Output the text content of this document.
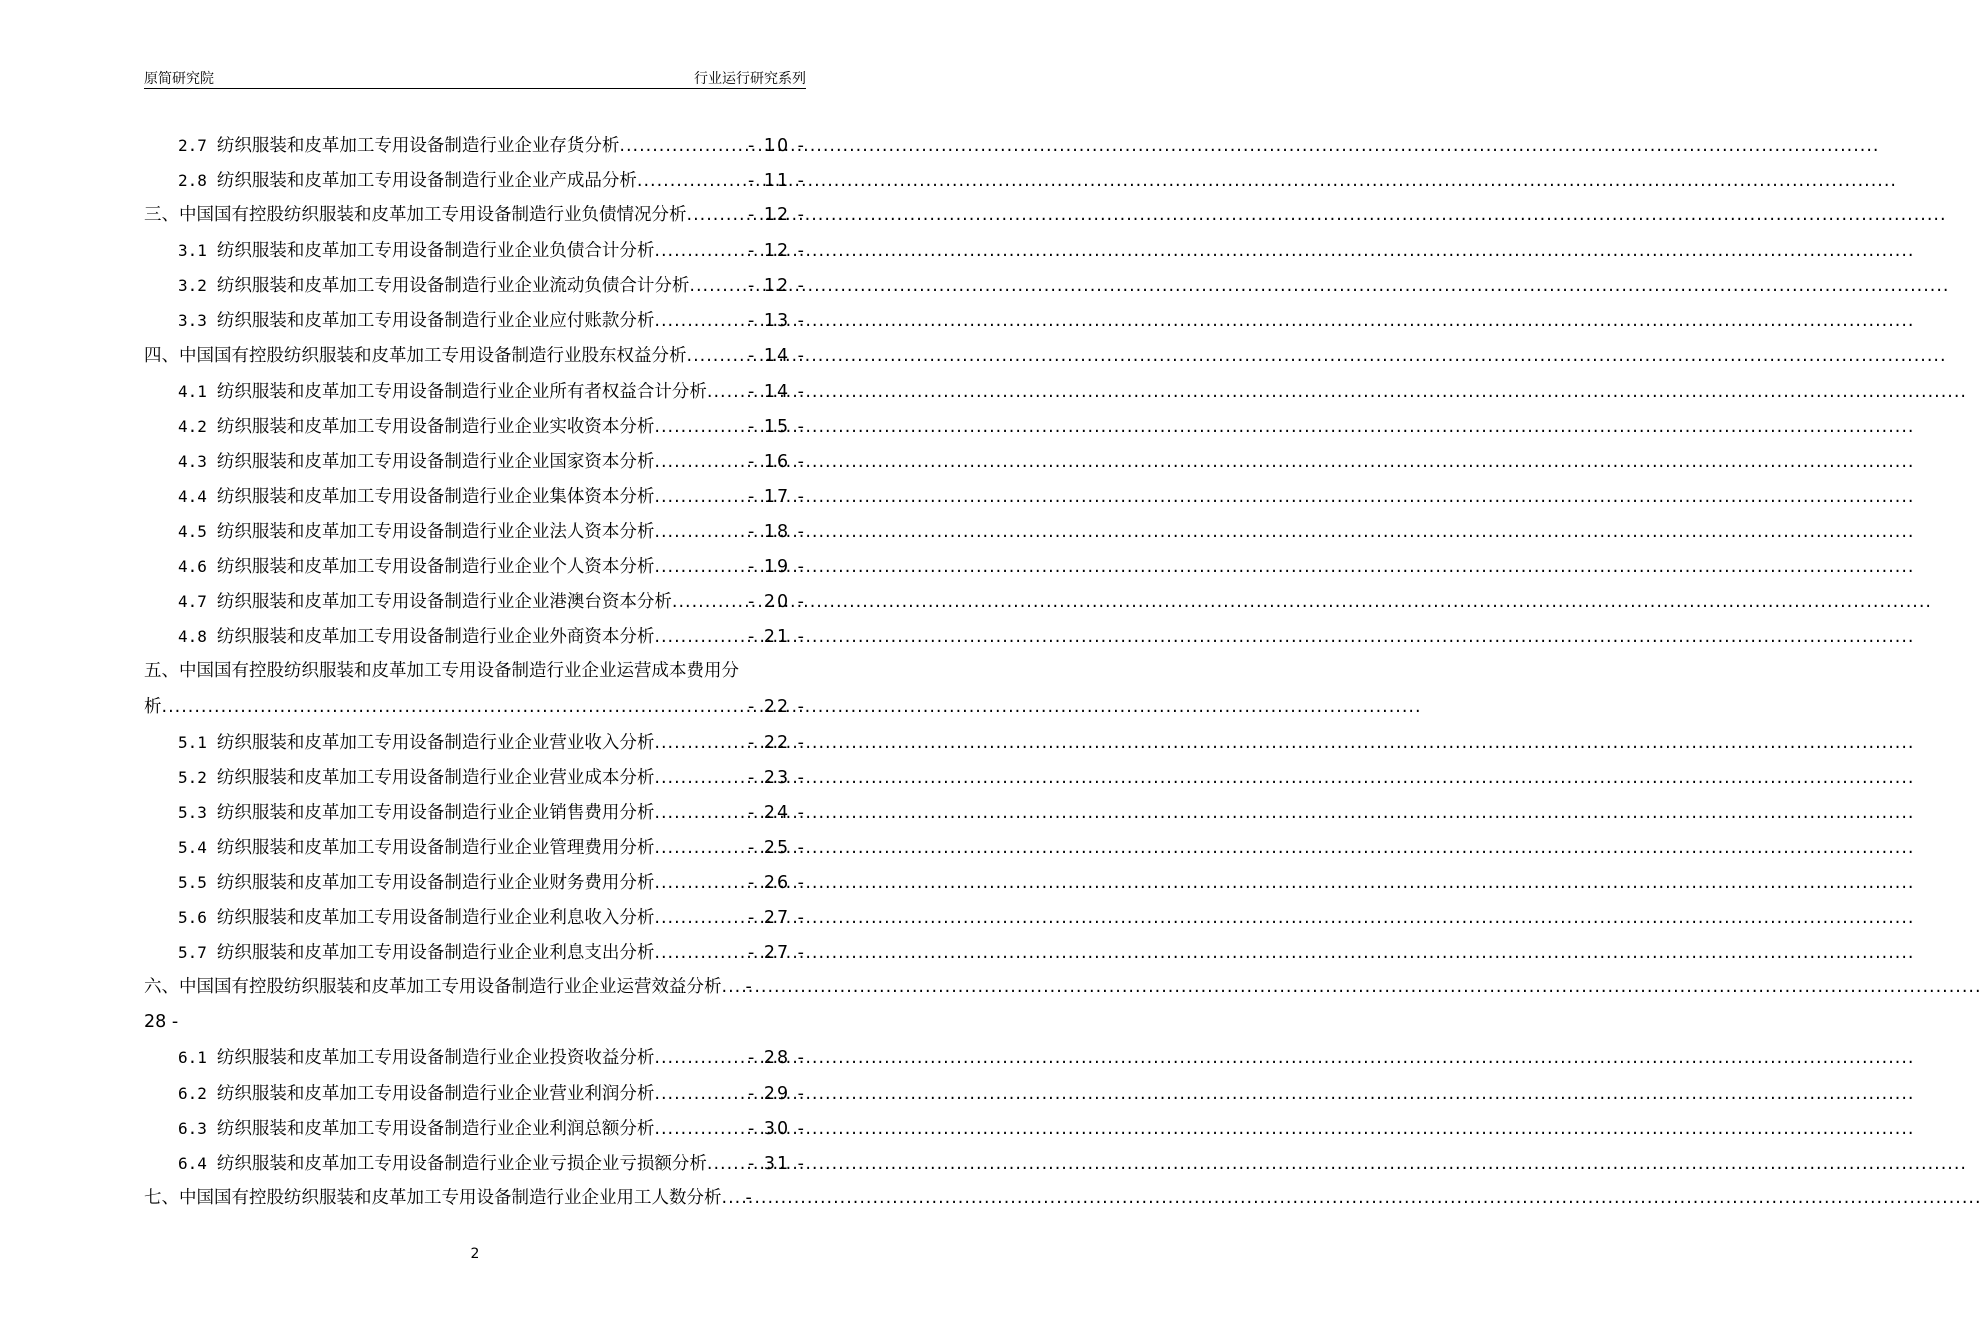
原简研究院	行业运行研究系列
2.7 纺织服装和皮革加工专用设备制造行业企业存货分析 .....	- 10 -
2.8 纺织服装和皮革加工专用设备制造行业企业产成品分析 .....	- 11 -
三、中国国有控股纺织服装和皮革加工专用设备制造行业负债情况分析 .....	- 12 -
3.1 纺织服装和皮革加工专用设备制造行业企业负债合计分析 .....	- 12 -
3.2 纺织服装和皮革加工专用设备制造行业企业流动负债合计分析 .....	- 12 -
3.3 纺织服装和皮革加工专用设备制造行业企业应付账款分析 .....	- 13 -
四、中国国有控股纺织服装和皮革加工专用设备制造行业股东权益分析 .....	- 14 -
4.1 纺织服装和皮革加工专用设备制造行业企业所有者权益合计分析 ..... - 14 -
4.2 纺织服装和皮革加工专用设备制造行业企业实收资本分析 .....	- 15 -
4.3 纺织服装和皮革加工专用设备制造行业企业国家资本分析 .....	- 16 -
4.4 纺织服装和皮革加工专用设备制造行业企业集体资本分析 .....	- 17 -
4.5 纺织服装和皮革加工专用设备制造行业企业法人资本分析 .....	- 18 -
4.6 纺织服装和皮革加工专用设备制造行业企业个人资本分析 .....	- 19 -
4.7 纺织服装和皮革加工专用设备制造行业企业港澳台资本分析 .....	- 20 -
4.8 纺织服装和皮革加工专用设备制造行业企业外商资本分析 .....	- 21 -
五、中国国有控股纺织服装和皮革加工专用设备制造行业企业运营成本费用分
析 .....	- 22 -
5.1 纺织服装和皮革加工专用设备制造行业企业营业收入分析 .....	- 22 -
5.2 纺织服装和皮革加工专用设备制造行业企业营业成本分析 .....	- 23 -
5.3 纺织服装和皮革加工专用设备制造行业企业销售费用分析 .....	- 24 -
5.4 纺织服装和皮革加工专用设备制造行业企业管理费用分析 .....	- 25 -
5.5 纺织服装和皮革加工专用设备制造行业企业财务费用分析 .....	- 26 -
5.6 纺织服装和皮革加工专用设备制造行业企业利息收入分析 .....	- 27 -
5.7 纺织服装和皮革加工专用设备制造行业企业利息支出分析 .....	- 27 -
六、中国国有控股纺织服装和皮革加工专用设备制造行业企业运营效益分析 ..... -
28 -
6.1 纺织服装和皮革加工专用设备制造行业企业投资收益分析 .....	- 28 -
6.2 纺织服装和皮革加工专用设备制造行业企业营业利润分析 .....	- 29 -
6.3 纺织服装和皮革加工专用设备制造行业企业利润总额分析 .....	- 30 -
6.4 纺织服装和皮革加工专用设备制造行业企业亏损企业亏损额分析 ..... - 31 -
七、中国国有控股纺织服装和皮革加工专用设备制造行业企业用工人数分析 ..... -
2
